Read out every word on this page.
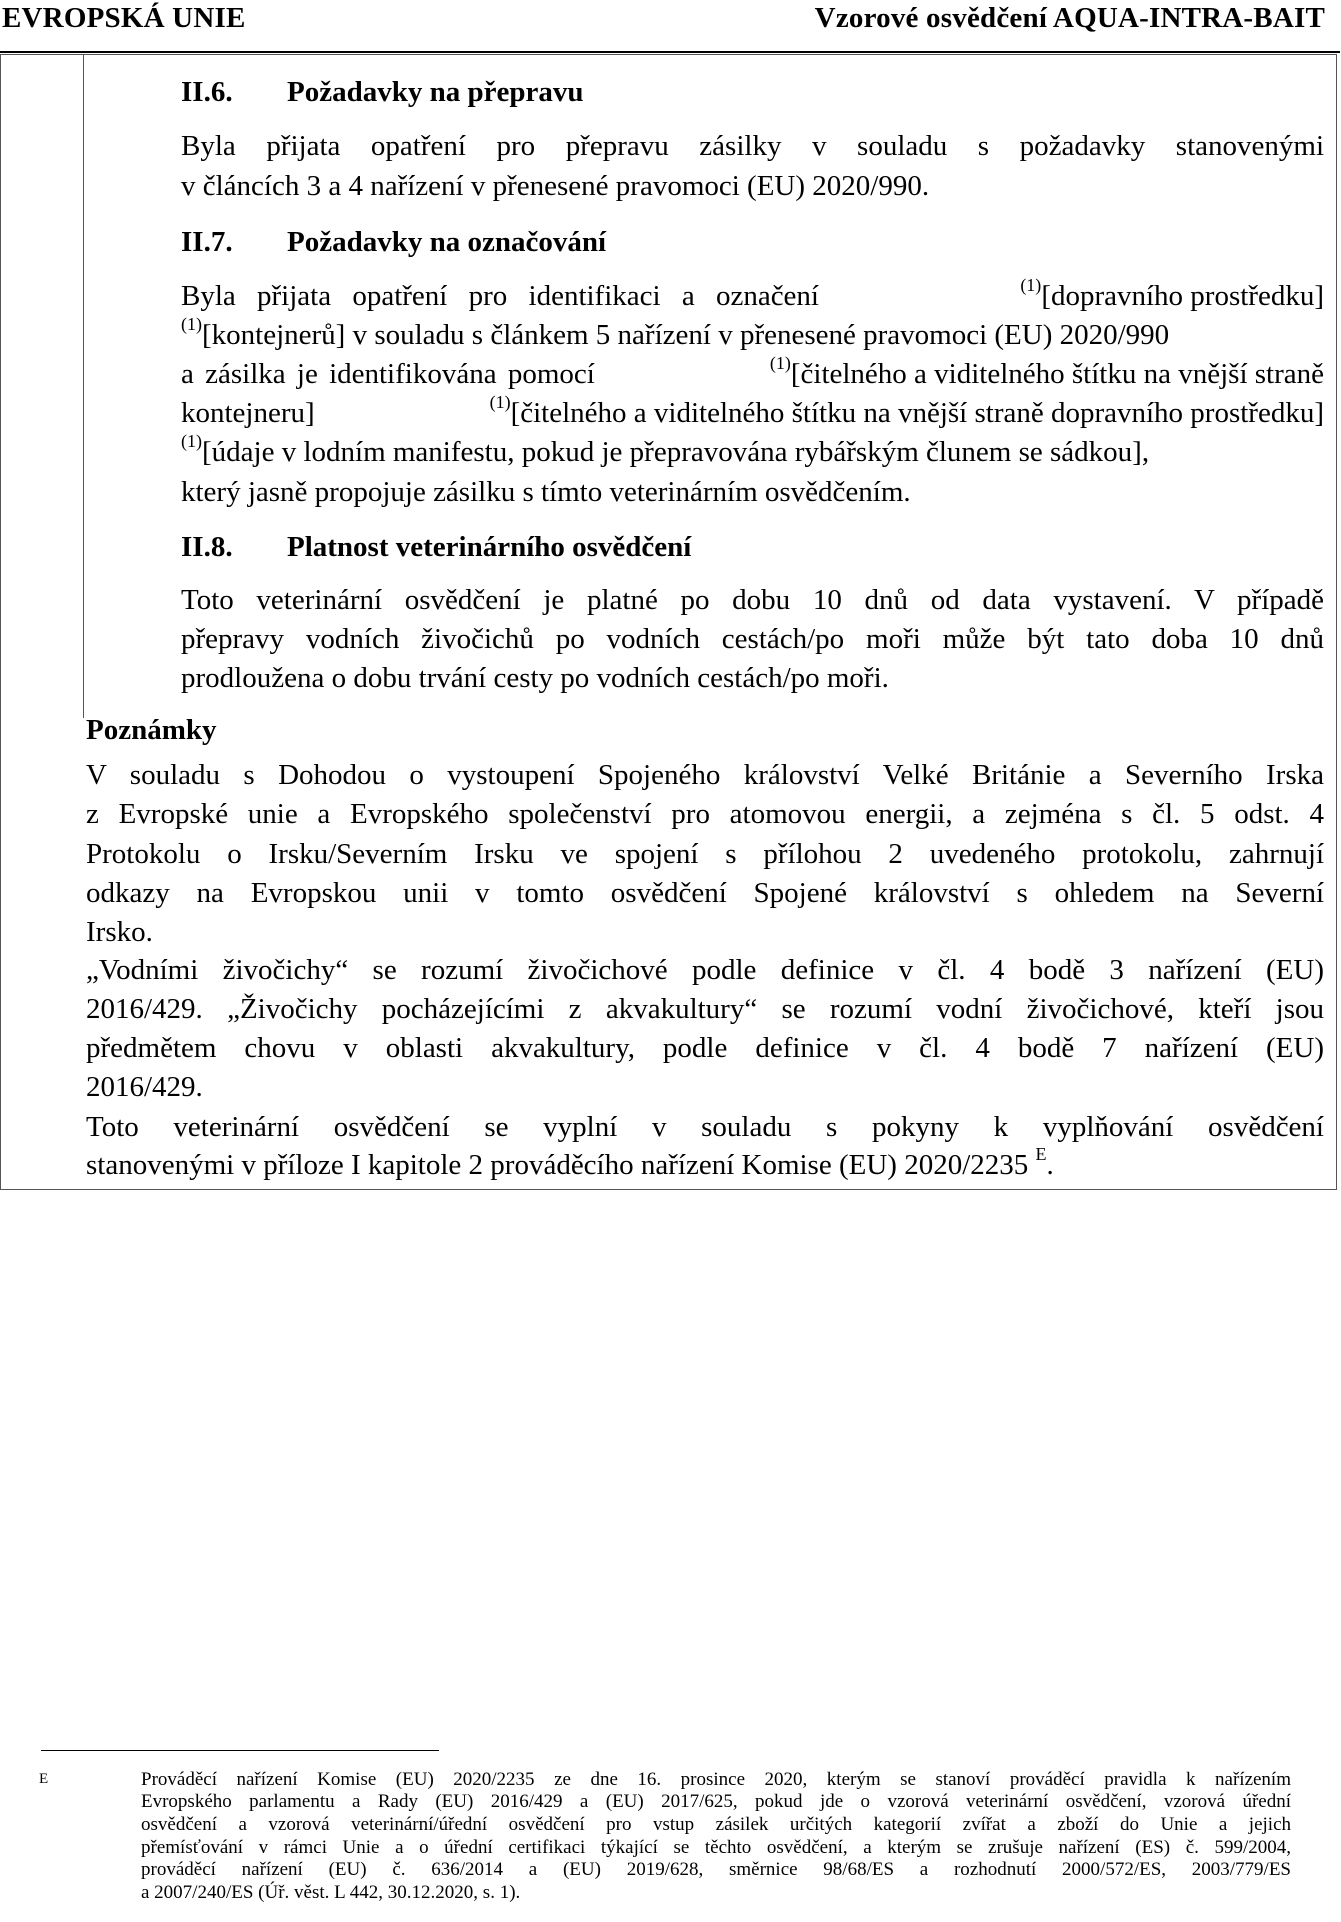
EVROPSKÁ UNIE	Vzorové osvědčení AQUA-INTRA-BAIT
II.6. Požadavky na přepravu
Byla přijata opatření pro přepravu zásilky v souladu s požadavky stanovenými
v článcích 3 a 4 nařízení v přenesené pravomoci (EU) 2020/990.
II.7. Požadavky na označování
Byla přijata opatření pro identifikaci a označení	$^{(1)}$[dopravního prostředku]
$^{(1)}$[kontejnerů] v souladu s článkem 5 nařízení v přenesené pravomoci (EU) 2020/990
a zásilka je identifikována pomocí	$^{(1)}$[čitelného a viditelného štítku na vnější straně
kontejneru]	$^{(1)}$[čitelného a viditelného štítku na vnější straně dopravního prostředku]
$^{(1)}$[údaje v lodním manifestu, pokud je přepravována rybářským člunem se sádkou],
který jasně propojuje zásilku s tímto veterinárním osvědčením.
II.8. Platnost veterinárního osvědčení
Toto veterinární osvědčení je platné po dobu 10 dnů od data vystavení. V případě
přepravy vodních živočichů po vodních cestách/po moři může být tato doba 10 dnů
prodloužena o dobu trvání cesty po vodních cestách/po moři.
Poznámky
V souladu s Dohodou o vystoupení Spojeného království Velké Británie a Severního Irska
z Evropské unie a Evropského společenství pro atomovou energii, a zejména s čl. 5 odst. 4
Protokolu o Irsku/Severním Irsku ve spojení s přílohou 2 uvedeného protokolu, zahrnují
odkazy na Evropskou unii v tomto osvědčení Spojené království s ohledem na Severní
Irsko.
„Vodními živočichy“ se rozumí živočichové podle definice v čl. 4 bodě 3 nařízení (EU)
2016/429. „Živočichy pocházejícími z akvakultury“ se rozumí vodní živočichové, kteří jsou
předmětem chovu v oblasti akvakultury, podle definice v čl. 4 bodě 7 nařízení (EU)
2016/429.
Toto veterinární osvědčení se vyplní v souladu s pokyny k vyplňování osvědčení
stanovenými v příloze I kapitole 2 prováděcího nařízení Komise (EU) 2020/2235 $^E$.
E	Prováděcí nařízení Komise (EU) 2020/2235 ze dne 16. prosince 2020, kterým se stanoví prováděcí pravidla k nařízením
Evropského parlamentu a Rady (EU) 2016/429 a (EU) 2017/625, pokud jde o vzorová veterinární osvědčení, vzorová úřední
osvědčení a vzorová veterinární/úřední osvědčení pro vstup zásilek určitých kategorií zvířat a zboží do Unie a jejich
přemísťování v rámci Unie a o úřední certifikaci týkající se těchto osvědčení, a kterým se zrušuje nařízení (ES) č. 599/2004,
prováděcí nařízení (EU) č. 636/2014 a (EU) 2019/628, směrnice 98/68/ES a rozhodnutí 2000/572/ES, 2003/779/ES
a 2007/240/ES (Úř. věst. L 442, 30.12.2020, s. 1).
